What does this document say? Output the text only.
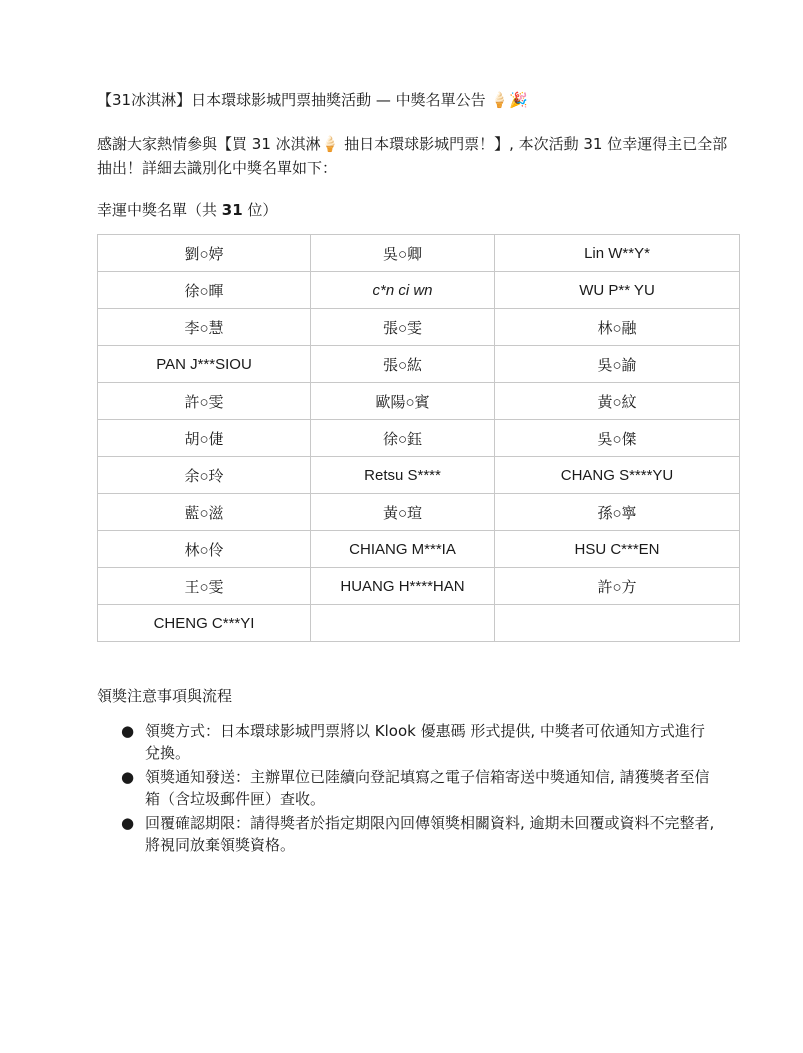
【31冰淇淋】日本環球影城門票抽獎活動 — 中獎名單公告 🍦🎉

感謝大家熱情參與【買 31 冰淇淋🍦 抽日本環球影城門票！】, 本次活動 31 位幸運得主已全部抽出！詳細去識別化中獎名單如下：
幸運中獎名單（共 31 位）
劉○婷	吳○卿	Lin W**Y*
徐○暉	c*n ci wn	WU P** YU
李○慧	張○雯	林○融
PAN J***SIOU	張○紘	吳○諭
許○雯	歐陽○賓	黃○紋
胡○倢	徐○鈺	吳○傑
余○玲	Retsu S****	CHANG S****YU
藍○滋	黃○瑄	孫○寧
林○伶	CHIANG M***IA	HSU C***EN
王○雯	HUANG H****HAN	許○方
CHENG C***YI		
領獎注意事項與流程
● 領獎方式：日本環球影城門票將以 Klook 優惠碼 形式提供, 中獎者可依通知方式進行兌換。
● 領獎通知發送：主辦單位已陸續向登記填寫之電子信箱寄送中獎通知信, 請獲獎者至信箱（含垃圾郵件匣）查收。
● 回覆確認期限：請得獎者於指定期限內回傳領獎相關資料, 逾期未回覆或資料不完整者, 將視同放棄領獎資格。
